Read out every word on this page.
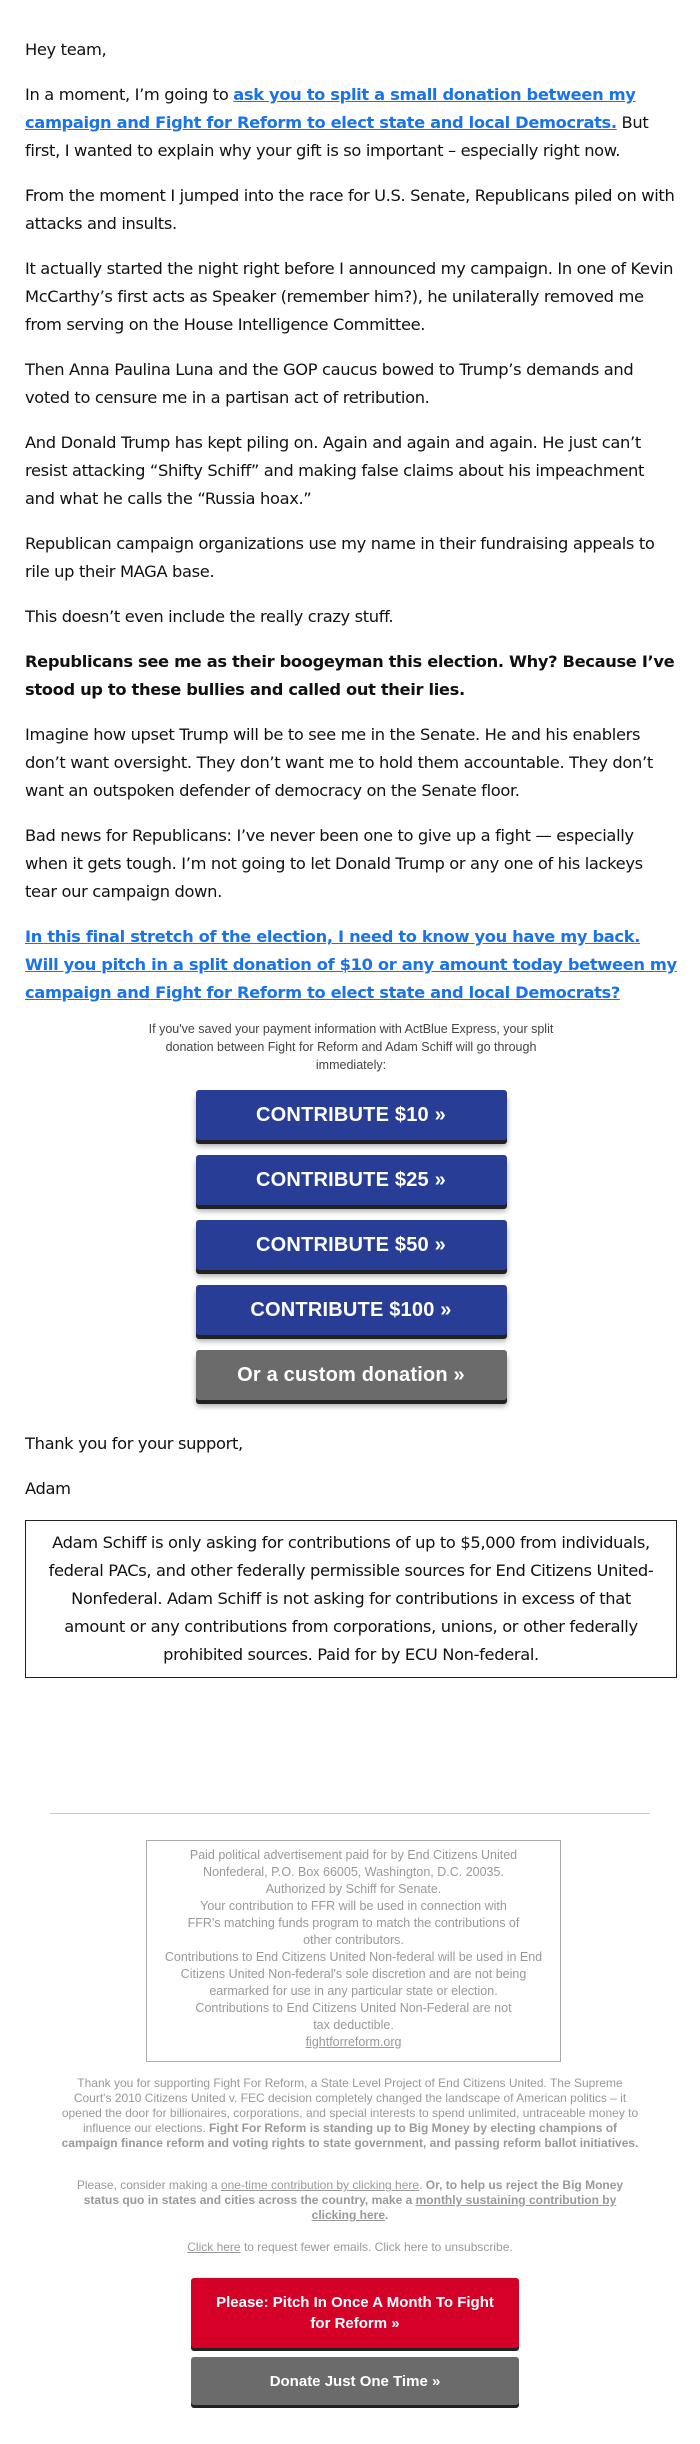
Hey team,

In a moment, I’m going to ask you to split a small donation between my campaign and Fight for Reform to elect state and local Democrats. But first, I wanted to explain why your gift is so important – especially right now.

From the moment I jumped into the race for U.S. Senate, Republicans piled on with attacks and insults.

It actually started the night right before I announced my campaign. In one of Kevin McCarthy’s first acts as Speaker (remember him?), he unilaterally removed me from serving on the House Intelligence Committee.

Then Anna Paulina Luna and the GOP caucus bowed to Trump’s demands and voted to censure me in a partisan act of retribution.

And Donald Trump has kept piling on. Again and again and again. He just can’t resist attacking “Shifty Schiff” and making false claims about his impeachment and what he calls the “Russia hoax.”

Republican campaign organizations use my name in their fundraising appeals to rile up their MAGA base.

This doesn’t even include the really crazy stuff.

Republicans see me as their boogeyman this election. Why? Because I’ve stood up to these bullies and called out their lies.

Imagine how upset Trump will be to see me in the Senate. He and his enablers don’t want oversight. They don’t want me to hold them accountable. They don’t want an outspoken defender of democracy on the Senate floor.

Bad news for Republicans: I’ve never been one to give up a fight — especially when it gets tough. I’m not going to let Donald Trump or any one of his lackeys tear our campaign down.

In this final stretch of the election, I need to know you have my back. Will you pitch in a split donation of $10 or any amount today between my campaign and Fight for Reform to elect state and local Democrats?

If you've saved your payment information with ActBlue Express, your split donation between Fight for Reform and Adam Schiff will go through immediately:
CONTRIBUTE $10 »
CONTRIBUTE $25 »
CONTRIBUTE $50 »
CONTRIBUTE $100 »
Or a custom donation »

Thank you for your support,

Adam

Adam Schiff is only asking for contributions of up to $5,000 from individuals, federal PACs, and other federally permissible sources for End Citizens United-Nonfederal. Adam Schiff is not asking for contributions in excess of that amount or any contributions from corporations, unions, or other federally prohibited sources. Paid for by ECU Non-federal.
Paid political advertisement paid for by End Citizens United Nonfederal, P.O. Box 66005, Washington, D.C. 20035.
Authorized by Schiff for Senate.
Your contribution to FFR will be used in connection with FFR's matching funds program to match the contributions of other contributors.
Contributions to End Citizens United Non-federal will be used in End Citizens United Non-federal's sole discretion and are not being earmarked for use in any particular state or election.
Contributions to End Citizens United Non-Federal are not tax deductible.
fightforreform.org

Thank you for supporting Fight For Reform, a State Level Project of End Citizens United. The Supreme Court's 2010 Citizens United v. FEC decision completely changed the landscape of American politics – it opened the door for billionaires, corporations, and special interests to spend unlimited, untraceable money to influence our elections. Fight For Reform is standing up to Big Money by electing champions of campaign finance reform and voting rights to state government, and passing reform ballot initiatives.

Please, consider making a one-time contribution by clicking here. Or, to help us reject the Big Money status quo in states and cities across the country, make a monthly sustaining contribution by clicking here.

Click here to request fewer emails. Click here to unsubscribe.

Please: Pitch In Once A Month To Fight for Reform »
Donate Just One Time »
